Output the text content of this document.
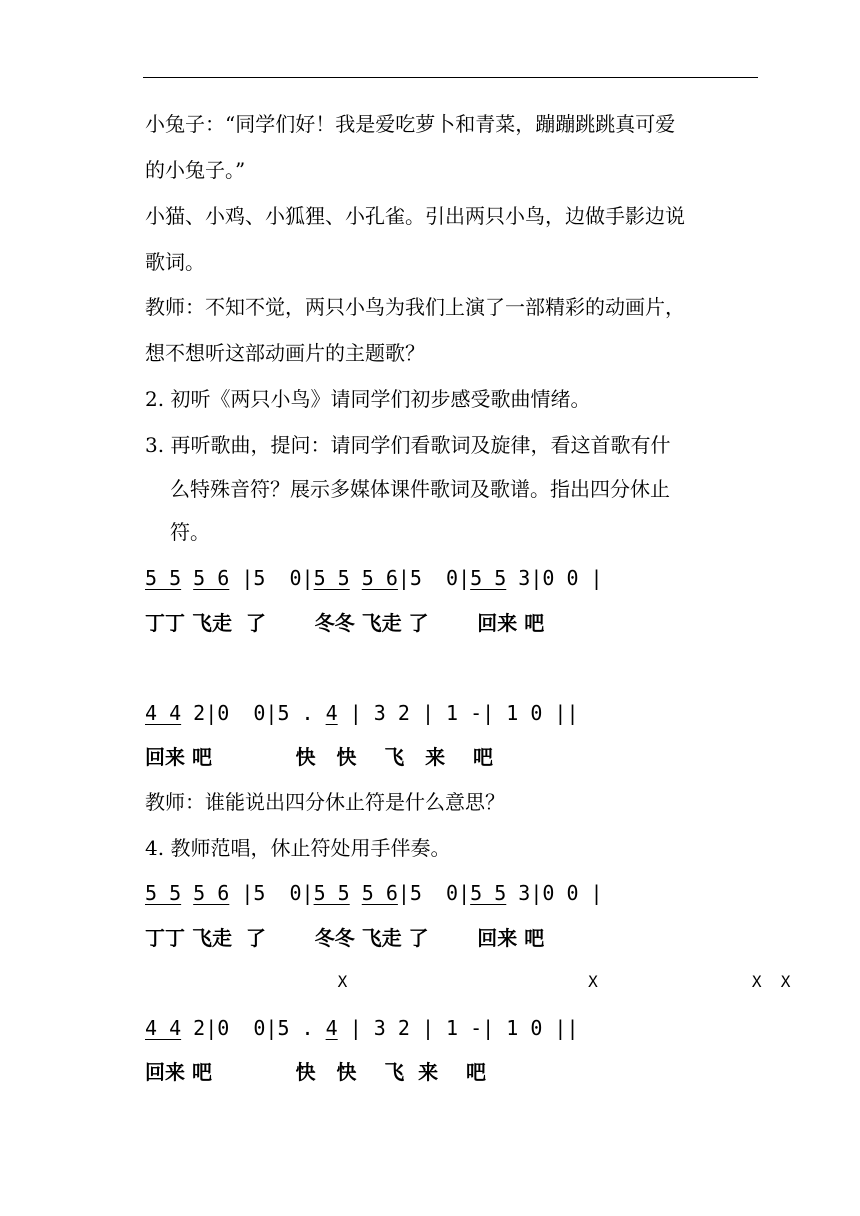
小兔子：“同学们好！我是爱吃萝卜和青菜，蹦蹦跳跳真可爱
的小兔子。”
小猫、小鸡、小狐狸、小孔雀。引出两只小鸟，边做手影边说
歌词。
教师：不知不觉，两只小鸟为我们上演了一部精彩的动画片，
想不想听这部动画片的主题歌？
2. 初听《两只小鸟》请同学们初步感受歌曲情绪。
3. 再听歌曲，提问：请同学们看歌词及旋律，看这首歌有什
么特殊音符？展示多媒体课件歌词及歌谱。指出四分休止
符。
5 5 5 6 |5  0|5 5 5 6|5  0|5 5 3|0 0 |
丁丁 飞走  了       冬冬 飞走 了       回来 吧
4 4 2|0  0|5 . 4 | 3 2 | 1 -| 1 0 ||
回来 吧            快   快    飞   来    吧
教师：谁能说出四分休止符是什么意思？
4. 教师范唱，休止符处用手伴奏。
5 5 5 6 |5  0|5 5 5 6|5  0|5 5 3|0 0 |
丁丁 飞走  了       冬冬 飞走 了       回来 吧
X                         X                X  X
4 4 2|0  0|5 . 4 | 3 2 | 1 -| 1 0 ||
回来 吧            快   快    飞  来    吧
